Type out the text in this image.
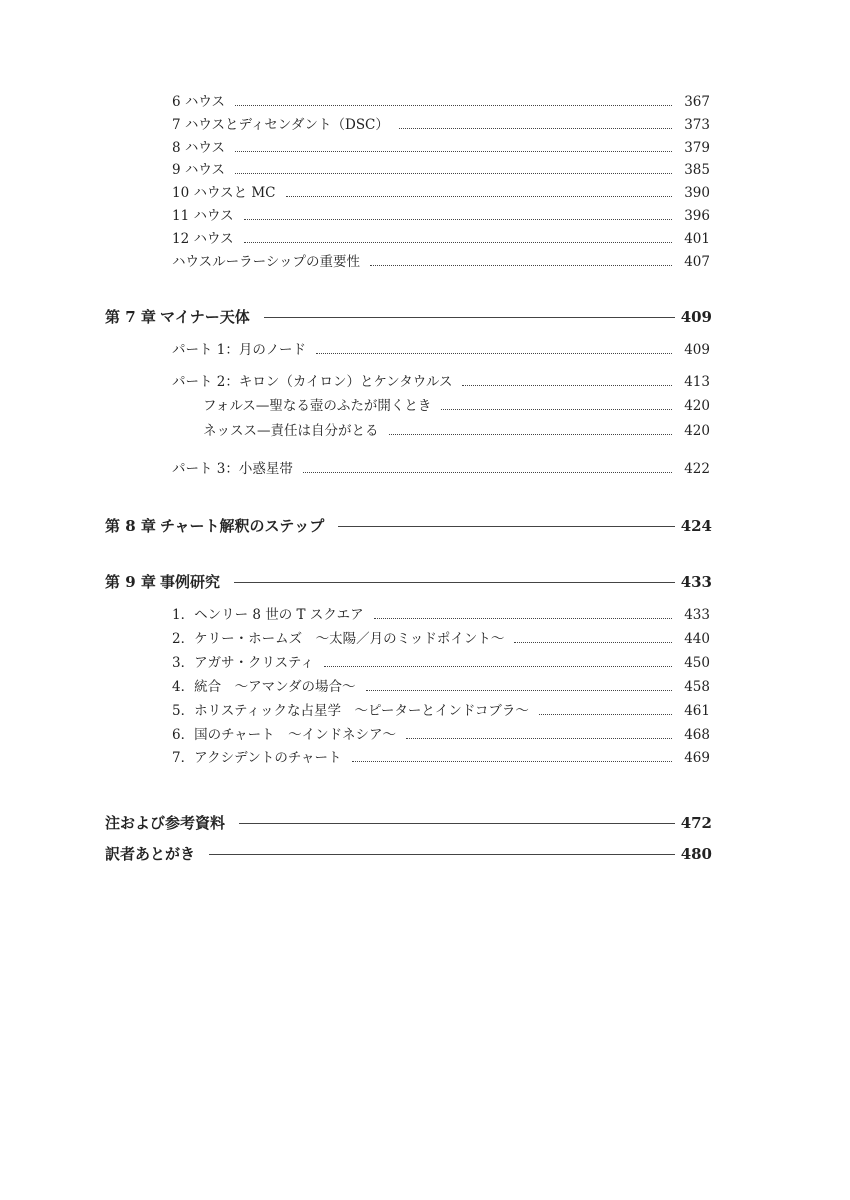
6 ハウス	367
7 ハウスとディセンダント（DSC）	373
8 ハウス	379
9 ハウス	385
10 ハウスと MC	390
11 ハウス	396
12 ハウス	401
ハウスルーラーシップの重要性	407
第 7 章 マイナー天体	409
パート 1：月のノード	409
パート 2：キロン（カイロン）とケンタウルス	413
フォルス—聖なる壺のふたが開くとき	420
ネッスス—責任は自分がとる	420
パート 3：小惑星帯	422
第 8 章 チャート解釈のステップ	424
第 9 章 事例研究	433
1．ヘンリー 8 世の T スクエア	433
2．ケリー・ホームズ　〜太陽／月のミッドポイント〜	440
3．アガサ・クリスティ	450
4．統合　〜アマンダの場合〜	458
5．ホリスティックな占星学　〜ピーターとインドコブラ〜	461
6．国のチャート　〜インドネシア〜	468
7．アクシデントのチャート	469
注および参考資料	472
訳者あとがき	480
